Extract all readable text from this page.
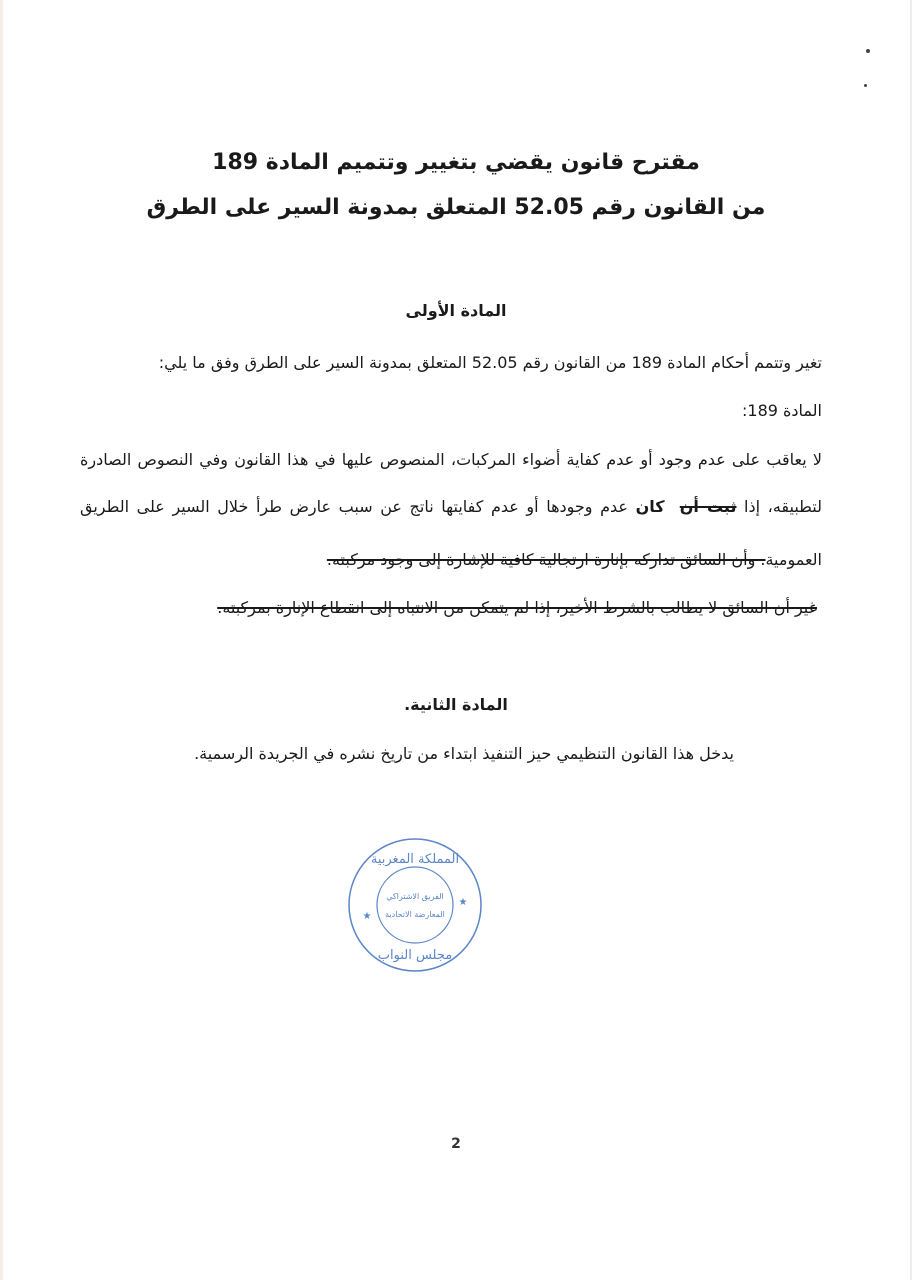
مقترح قانون يقضي بتغيير وتتميم المادة 189
من القانون رقم 52.05 المتعلق بمدونة السير على الطرق
المادة الأولى
تغير وتتمم أحكام المادة 189 من القانون رقم 52.05 المتعلق بمدونة السير على الطرق وفق ما يلي:
المادة 189:
لا يعاقب على عدم وجود أو عدم كفاية أضواء المركبات، المنصوص عليها في هذا القانون وفي النصوص الصادرة
لتطبيقه، إذا ثبت أن  كان عدم وجودها أو عدم كفايتها ناتج عن سبب عارض طرأ خلال السير على الطريق
العمومية. وأن السائق تداركه بإنارة ارتجالية كافية للإشارة إلى وجود مركبته.
غير أن السائق لا يطالب بالشرط الأخير، إذا لم يتمكن من الانتباه إلى انقطاع الإنارة بمركبته.
المادة الثانية.
يدخل هذا القانون التنظيمي حيز التنفيذ ابتداء من تاريخ نشره في الجريدة الرسمية.
المملكة المغربية
الفريق الاشتراكي
المعارضة الاتحادية
مجلس النواب
★
★
2
